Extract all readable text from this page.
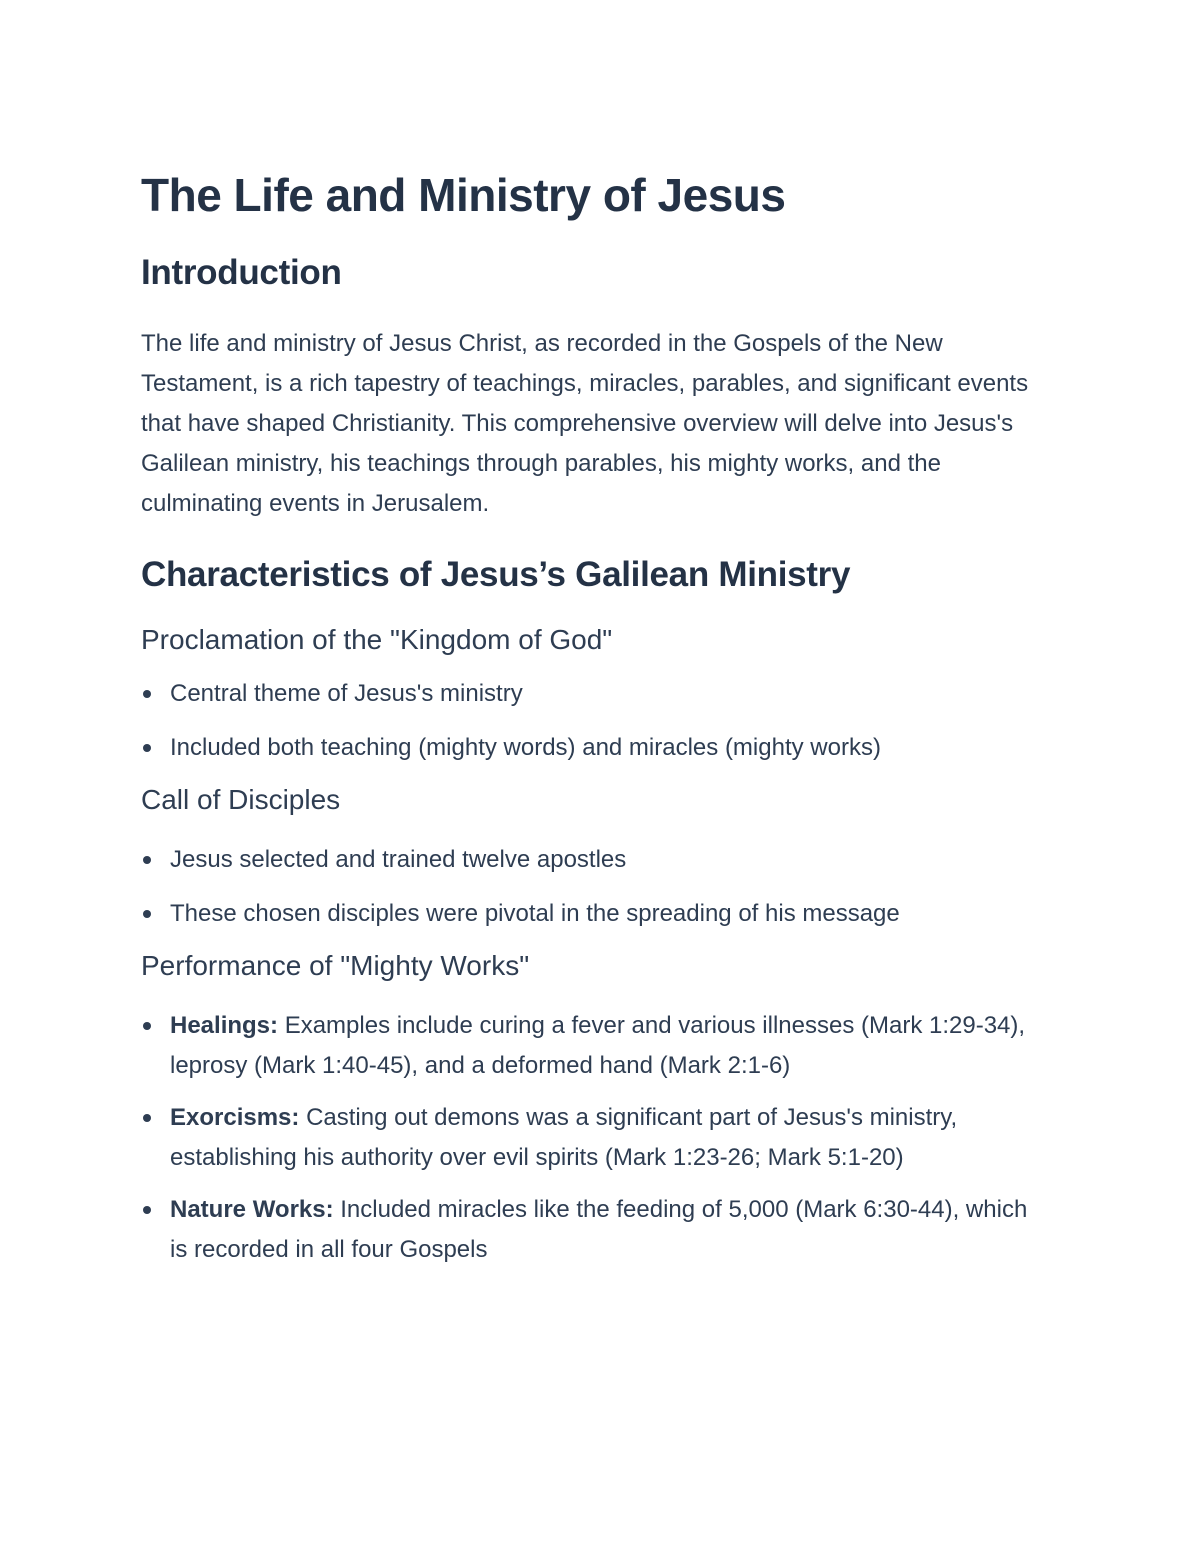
The Life and Ministry of Jesus
Introduction

The life and ministry of Jesus Christ, as recorded in the Gospels of the New Testament, is a rich tapestry of teachings, miracles, parables, and significant events that have shaped Christianity. This comprehensive overview will delve into Jesus's Galilean ministry, his teachings through parables, his mighty works, and the culminating events in Jerusalem.

Characteristics of Jesus’s Galilean Ministry
Proclamation of the "Kingdom of God"
Central theme of Jesus's ministry
Included both teaching (mighty words) and miracles (mighty works)
Call of Disciples
Jesus selected and trained twelve apostles
These chosen disciples were pivotal in the spreading of his message
Performance of "Mighty Works"
Healings: Examples include curing a fever and various illnesses (Mark 1:29-34), leprosy (Mark 1:40-45), and a deformed hand (Mark 2:1-6)
Exorcisms: Casting out demons was a significant part of Jesus's ministry, establishing his authority over evil spirits (Mark 1:23-26; Mark 5:1-20)
Nature Works: Included miracles like the feeding of 5,000 (Mark 6:30-44), which is recorded in all four Gospels
